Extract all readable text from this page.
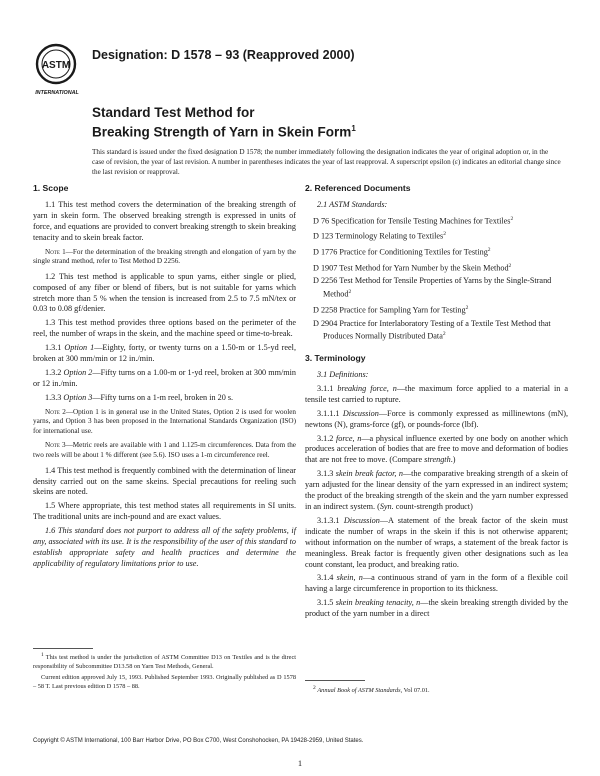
ASTM
INTERNATIONAL
Designation: D 1578 – 93 (Reapproved 2000)
Standard Test Method for
Breaking Strength of Yarn in Skein Form$^1$
This standard is issued under the fixed designation D 1578; the number immediately following the designation indicates the year of original adoption or, in the case of revision, the year of last revision. A number in parentheses indicates the year of last reapproval. A superscript epsilon (ε) indicates an editorial change since the last revision or reapproval.
1. Scope

1.1 This test method covers the determination of the breaking strength of yarn in skein form. The observed breaking strength is expressed in units of force, and equations are provided to convert breaking strength to skein breaking tenacity and to skein break factor.

Note 1—For the determination of the breaking strength and elongation of yarn by the single strand method, refer to Test Method D 2256.

1.2 This test method is applicable to spun yarns, either single or plied, composed of any fiber or blend of fibers, but is not suitable for yarns which stretch more than 5 % when the tension is increased from 2.5 to 7.5 mN/tex or 0.03 to 0.08 gf/denier.

1.3 This test method provides three options based on the perimeter of the reel, the number of wraps in the skein, and the machine speed or time-to-break.

1.3.1 Option 1—Eighty, forty, or twenty turns on a 1.50-m or 1.5-yd reel, broken at 300 mm/min or 12 in./min.

1.3.2 Option 2—Fifty turns on a 1.00-m or 1-yd reel, broken at 300 mm/min or 12 in./min.

1.3.3 Option 3—Fifty turns on a 1-m reel, broken in 20 s.

Note 2—Option 1 is in general use in the United States, Option 2 is used for woolen yarns, and Option 3 has been proposed in the International Standards Organization (ISO) for international use.

Note 3—Metric reels are available with 1 and 1.125-m circumferences. Data from the two reels will be about 1 % different (see 5.6). ISO uses a 1-m circumference reel.

1.4 This test method is frequently combined with the determination of linear density carried out on the same skeins. Special precautions for reeling such skeins are noted.

1.5 Where appropriate, this test method states all requirements in SI units. The traditional units are inch-pound and are exact values.

1.6 This standard does not purport to address all of the safety problems, if any, associated with its use. It is the responsibility of the user of this standard to establish appropriate safety and health practices and determine the applicability of regulatory limitations prior to use.

2. Referenced Documents

2.1 ASTM Standards:

D 76 Specification for Tensile Testing Machines for Textiles$^2$

D 123 Terminology Relating to Textiles$^2$

D 1776 Practice for Conditioning Textiles for Testing$^2$

D 1907 Test Method for Yarn Number by the Skein Method$^2$

D 2256 Test Method for Tensile Properties of Yarns by the Single-Strand Method$^2$

D 2258 Practice for Sampling Yarn for Testing$^2$

D 2904 Practice for Interlaboratory Testing of a Textile Test Method that Produces Normally Distributed Data$^2$

3. Terminology

3.1 Definitions:

3.1.1 breaking force, n—the maximum force applied to a material in a tensile test carried to rupture.

3.1.1.1 Discussion—Force is commonly expressed as millinewtons (mN), newtons (N), grams-force (gf), or pounds-force (lbf).

3.1.2 force, n—a physical influence exerted by one body on another which produces acceleration of bodies that are free to move and deformation of bodies that are not free to move. (Compare strength.)

3.1.3 skein break factor, n—the comparative breaking strength of a skein of yarn adjusted for the linear density of the yarn expressed in an indirect system; the product of the breaking strength of the skein and the yarn number expressed in an indirect system. (Syn. count-strength product)

3.1.3.1 Discussion—A statement of the break factor of the skein must indicate the number of wraps in the skein if this is not otherwise apparent; without information on the number of wraps, a statement of the break factor is meaningless. Break factor is frequently given other designations such as lea count constant, lea product, and breaking ratio.

3.1.4 skein, n—a continuous strand of yarn in the form of a flexible coil having a large circumference in proportion to its thickness.

3.1.5 skein breaking tenacity, n—the skein breaking strength divided by the product of the yarn number in a direct

$^1$ This test method is under the jurisdiction of ASTM Committee D13 on Textiles and is the direct responsibility of Subcommittee D13.58 on Yarn Test Methods, General.
Current edition approved July 15, 1993. Published September 1993. Originally published as D 1578 – 58 T. Last previous edition D 1578 – 88.	$^2$ Annual Book of ASTM Standards, Vol 07.01.
Copyright © ASTM International, 100 Barr Harbor Drive, PO Box C700, West Conshohocken, PA 19428-2959, United States.
1
